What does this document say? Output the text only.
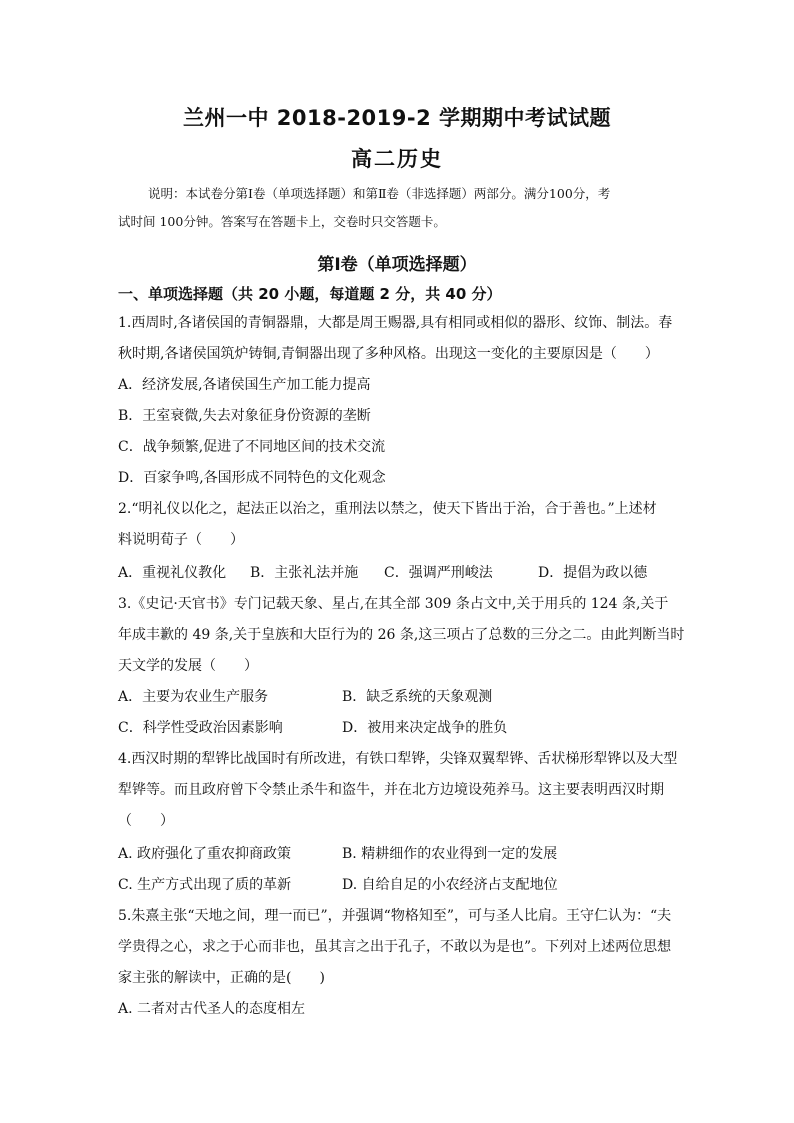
兰州一中 2018-2019-2 学期期中考试试题
高二历史
说明：本试卷分第Ⅰ卷（单项选择题）和第Ⅱ卷（非选择题）两部分。满分100分，考
试时间 100分钟。答案写在答题卡上，交卷时只交答题卡。
第Ⅰ卷（单项选择题）
一、单项选择题（共 20 小题，每道题 2 分，共 40 分）
1.西周时,各诸侯国的青铜器鼎，大都是周王赐器,具有相同或相似的器形、纹饰、制法。春
秋时期,各诸侯国筑炉铸铜,青铜器出现了多种风格。出现这一变化的主要原因是（　　）
A．经济发展,各诸侯国生产加工能力提高
B．王室衰微,失去对象征身份资源的垄断
C．战争频繁,促进了不同地区间的技术交流
D．百家争鸣,各国形成不同特色的文化观念
2.“明礼仪以化之，起法正以治之，重刑法以禁之，使天下皆出于治，合于善也。”上述材
料说明荀子（　　）
A．重视礼仪教化 B．主张礼法并施 C．强调严刑峻法	D．提倡为政以德
3.《史记·天官书》专门记载天象、星占,在其全部 309 条占文中,关于用兵的 124 条,关于
年成丰歉的 49 条,关于皇族和大臣行为的 26 条,这三项占了总数的三分之二。由此判断当时
天文学的发展（　　）
A．主要为农业生产服务	B．缺乏系统的天象观测
C．科学性受政治因素影响	D．被用来决定战争的胜负
4.西汉时期的犁铧比战国时有所改进，有铁口犁铧，尖锋双翼犁铧、舌状梯形犁铧以及大型
犁铧等。而且政府曾下令禁止杀牛和盗牛，并在北方边境设苑养马。这主要表明西汉时期
（　　）
A. 政府强化了重农抑商政策	B. 精耕细作的农业得到一定的发展
C. 生产方式出现了质的革新	D. 自给自足的小农经济占支配地位
5.朱熹主张“天地之间，理一而已”，并强调“物格知至”，可与圣人比肩。王守仁认为：“夫
学贵得之心，求之于心而非也，虽其言之出于孔子，不敢以为是也”。下列对上述两位思想
家主张的解读中，正确的是(　　)
A. 二者对古代圣人的态度相左
